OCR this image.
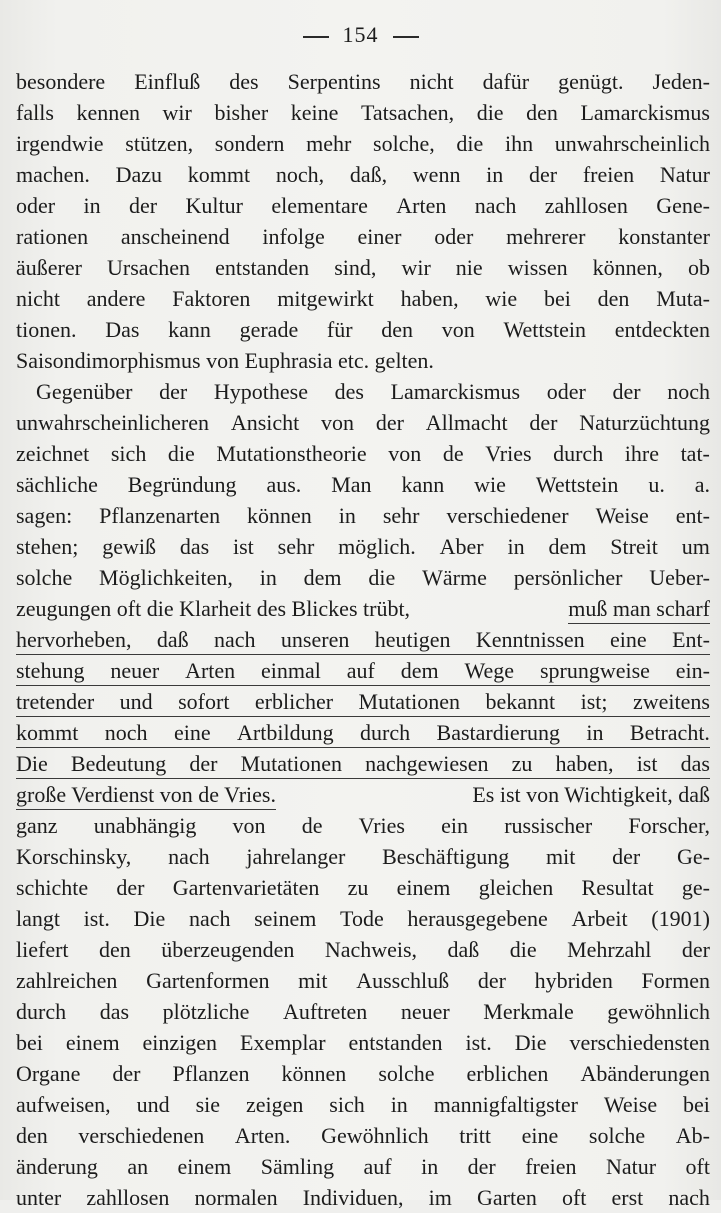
154
besondere Einfluß des Serpentins nicht dafür genügt. Jeden-
falls kennen wir bisher keine Tatsachen, die den Lamarckismus
irgendwie stützen, sondern mehr solche, die ihn unwahrscheinlich
machen. Dazu kommt noch, daß, wenn in der freien Natur
oder in der Kultur elementare Arten nach zahllosen Gene-
rationen anscheinend infolge einer oder mehrerer konstanter
äußerer Ursachen entstanden sind, wir nie wissen können, ob
nicht andere Faktoren mitgewirkt haben, wie bei den Muta-
tionen. Das kann gerade für den von Wettstein entdeckten
Saisondimorphismus von Euphrasia etc. gelten.
Gegenüber der Hypothese des Lamarckismus oder der noch
unwahrscheinlicheren Ansicht von der Allmacht der Naturzüchtung
zeichnet sich die Mutationstheorie von de Vries durch ihre tat-
sächliche Begründung aus. Man kann wie Wettstein u. a.
sagen: Pflanzenarten können in sehr verschiedener Weise ent-
stehen; gewiß das ist sehr möglich. Aber in dem Streit um
solche Möglichkeiten, in dem die Wärme persönlicher Ueber-
zeugungen oft die Klarheit des Blickes trübt,	muß man scharf
hervorheben, daß nach unseren heutigen Kenntnissen eine Ent-
stehung neuer Arten einmal auf dem Wege sprungweise ein-
tretender und sofort erblicher Mutationen bekannt ist; zweitens
kommt noch eine Artbildung durch Bastardierung in Betracht.
Die Bedeutung der Mutationen nachgewiesen zu haben, ist das
große Verdienst von de Vries.	Es ist von Wichtigkeit, daß
ganz unabhängig von de Vries ein russischer Forscher,
Korschinsky, nach jahrelanger Beschäftigung mit der Ge-
schichte der Gartenvarietäten zu einem gleichen Resultat ge-
langt ist. Die nach seinem Tode herausgegebene Arbeit (1901)
liefert den überzeugenden Nachweis, daß die Mehrzahl der
zahlreichen Gartenformen mit Ausschluß der hybriden Formen
durch das plötzliche Auftreten neuer Merkmale gewöhnlich
bei einem einzigen Exemplar entstanden ist. Die verschiedensten
Organe der Pflanzen können solche erblichen Abänderungen
aufweisen, und sie zeigen sich in mannigfaltigster Weise bei
den verschiedenen Arten. Gewöhnlich tritt eine solche Ab-
änderung an einem Sämling auf in der freien Natur oft
unter zahllosen normalen Individuen, im Garten oft erst nach
